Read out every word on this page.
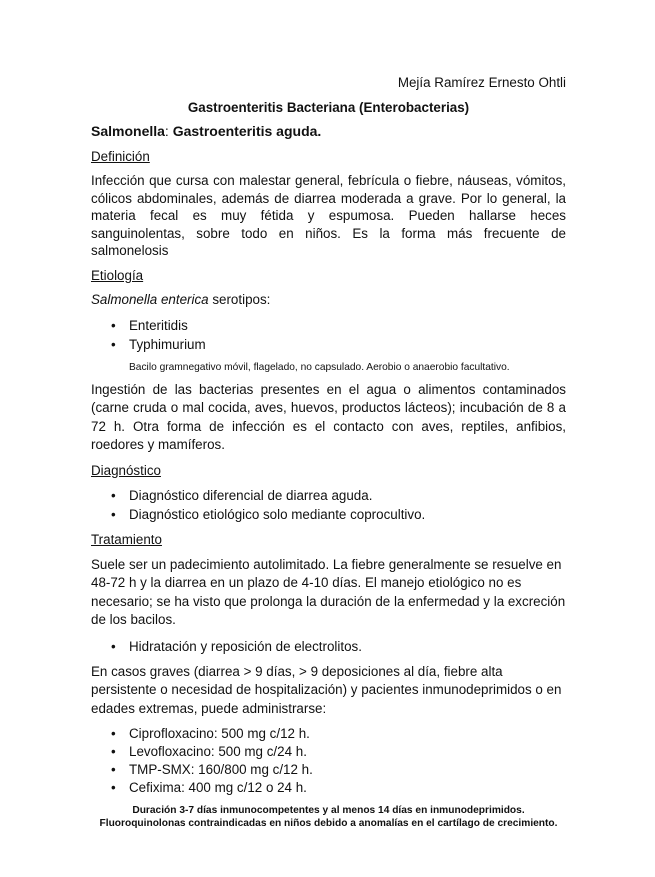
Mejía Ramírez Ernesto Ohtli
Gastroenteritis Bacteriana (Enterobacterias)
Salmonella: Gastroenteritis aguda.
Definición
Infección que cursa con malestar general, febrícula o fiebre, náuseas, vómitos, cólicos abdominales, además de diarrea moderada a grave. Por lo general, la materia fecal es muy fétida y espumosa. Pueden hallarse heces sanguinolentas, sobre todo en niños. Es la forma más frecuente de salmonelosis
Etiología
Salmonella enterica serotipos:
• Enteritidis
• Typhimurium
Bacilo gramnegativo móvil, flagelado, no capsulado. Aerobio o anaerobio facultativo.
Ingestión de las bacterias presentes en el agua o alimentos contaminados (carne cruda o mal cocida, aves, huevos, productos lácteos); incubación de 8 a 72 h. Otra forma de infección es el contacto con aves, reptiles, anfibios, roedores y mamíferos.
Diagnóstico
• Diagnóstico diferencial de diarrea aguda.
• Diagnóstico etiológico solo mediante coprocultivo.
Tratamiento
Suele ser un padecimiento autolimitado. La fiebre generalmente se resuelve en 48-72 h y la diarrea en un plazo de 4-10 días. El manejo etiológico no es necesario; se ha visto que prolonga la duración de la enfermedad y la excreción de los bacilos.
• Hidratación y reposición de electrolitos.
En casos graves (diarrea > 9 días, > 9 deposiciones al día, fiebre alta persistente o necesidad de hospitalización) y pacientes inmunodeprimidos o en edades extremas, puede administrarse:
• Ciprofloxacino: 500 mg c/12 h.
• Levofloxacino: 500 mg c/24 h.
• TMP-SMX: 160/800 mg c/12 h.
• Cefixima: 400 mg c/12 o 24 h.
Duración 3-7 días inmunocompetentes y al menos 14 días en inmunodeprimidos. Fluoroquinolonas contraindicadas en niños debido a anomalías en el cartílago de crecimiento.
